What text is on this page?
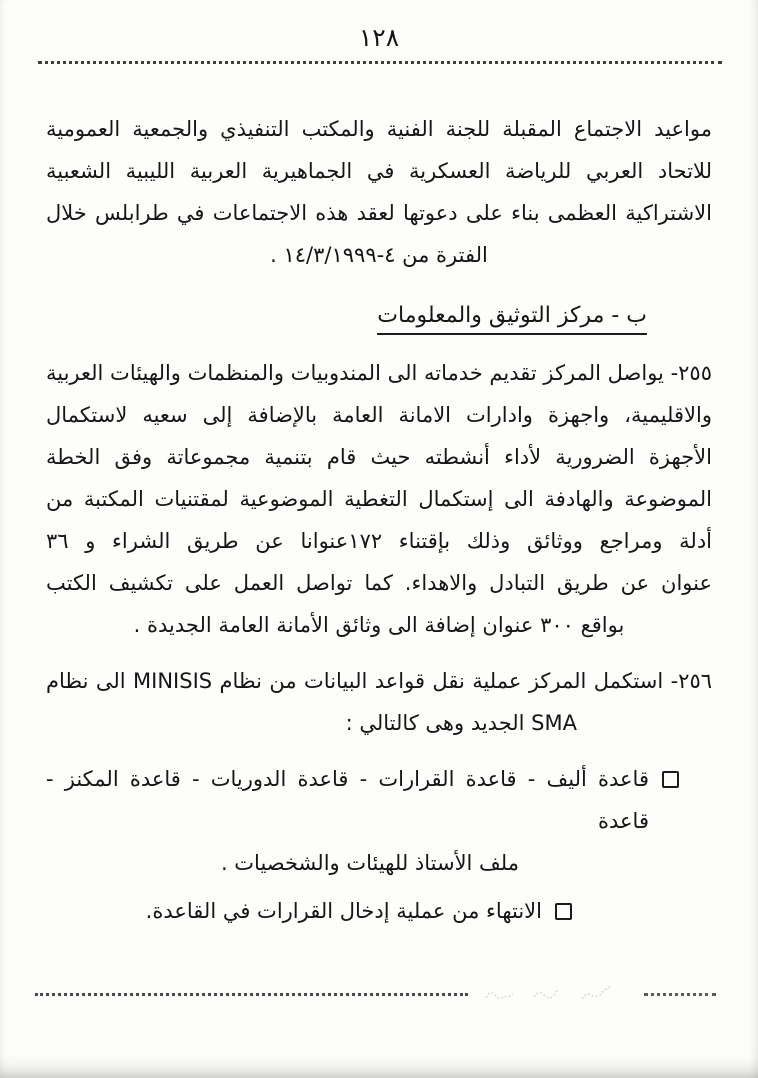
١٢٨

مواعيد الاجتماع المقبلة للجنة الفنية والمكتب التنفيذي والجمعية العمومية
للاتحاد العربي للرياضة العسكرية في الجماهيرية العربية الليبية الشعبية
الاشتراكية العظمى بناء على دعوتها لعقد هذه الاجتماعات في طرابلس خلال
الفترة من ٤-١٤/٣/١٩٩٩ .

ب - مركز التوثيق والمعلومات

٢٥٥- يواصل المركز تقديم خدماته الى المندوبيات والمنظمات والهيئات العربية
والاقليمية، واجهزة وادارات الامانة العامة بالإضافة إلى سعيه لاستكمال
الأجهزة الضرورية لأداء أنشطته حيث قام بتنمية مجموعاتة وفق الخطة
الموضوعة والهادفة الى إستكمال التغطية الموضوعية لمقتنيات المكتبة من
أدلة ومراجع ووثائق وذلك بإقتناء ١٧٢عنوانا عن طريق الشراء و ٣٦
عنوان عن طريق التبادل والاهداء. كما تواصل العمل على تكشيف الكتب
بواقع ٣٠٠ عنوان إضافة الى وثائق الأمانة العامة الجديدة .

٢٥٦- استكمل المركز عملية نقل قواعد البيانات من نظام MINISIS الى نظام
SMA الجديد وهى كالتالي :

قاعدة أليف - قاعدة القرارات - قاعدة الدوريات - قاعدة المكنز - قاعدة
ملف الأستاذ للهيئات والشخصيات .
الانتهاء من عملية إدخال القرارات في القاعدة.
